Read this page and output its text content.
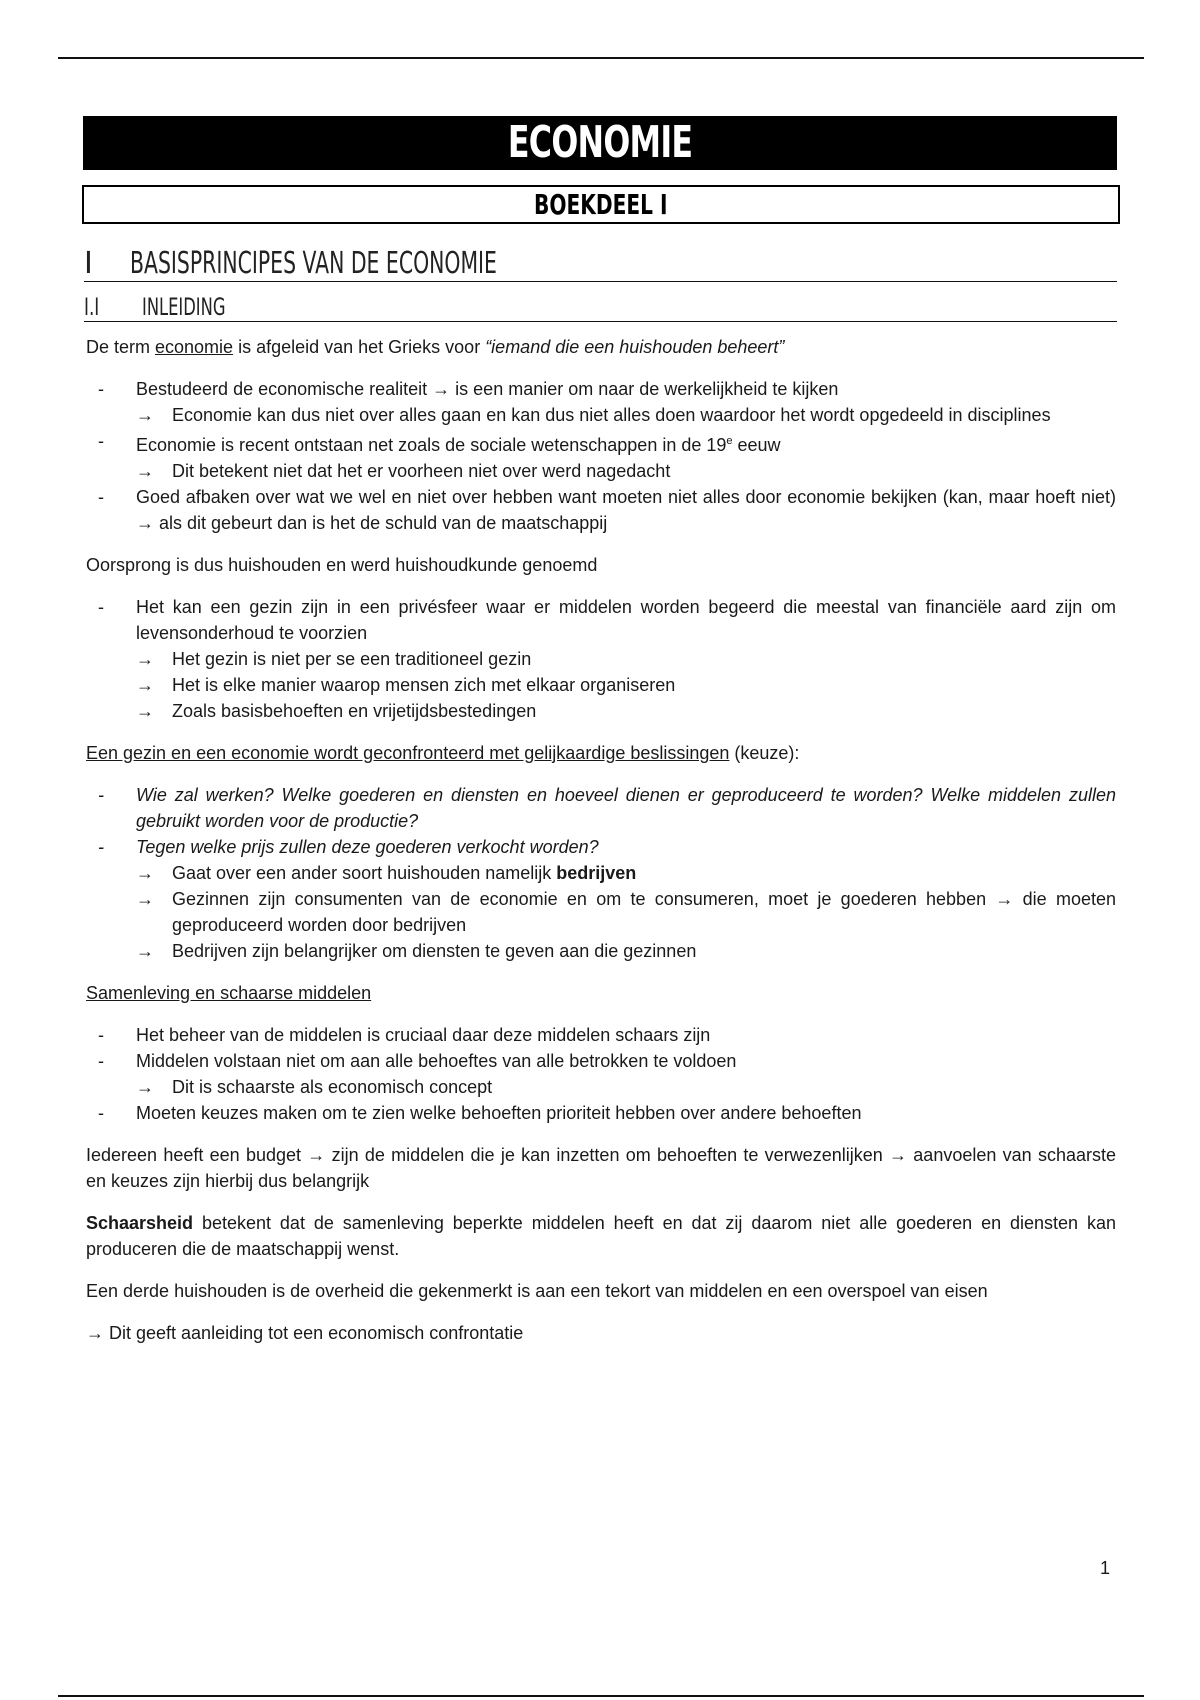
ECONOMIE
BOEKDEEL I
I BASISPRINCIPES VAN DE ECONOMIE
I.I INLEIDING

De term economie is afgeleid van het Grieks voor “iemand die een huishouden beheert”

- Bestudeerd de economische realiteit → is een manier om naar de werkelijkheid te kijken
→ Economie kan dus niet over alles gaan en kan dus niet alles doen waardoor het wordt opgedeeld in disciplines
- Economie is recent ontstaan net zoals de sociale wetenschappen in de 19e eeuw
→ Dit betekent niet dat het er voorheen niet over werd nagedacht
- Goed afbaken over wat we wel en niet over hebben want moeten niet alles door economie bekijken (kan, maar hoeft niet) → als dit gebeurt dan is het de schuld van de maatschappij

Oorsprong is dus huishouden en werd huishoudkunde genoemd

- Het kan een gezin zijn in een privésfeer waar er middelen worden begeerd die meestal van financiële aard zijn om levensonderhoud te voorzien
→ Het gezin is niet per se een traditioneel gezin
→ Het is elke manier waarop mensen zich met elkaar organiseren
→ Zoals basisbehoeften en vrijetijdsbestedingen

Een gezin en een economie wordt geconfronteerd met gelijkaardige beslissingen (keuze):

- Wie zal werken? Welke goederen en diensten en hoeveel dienen er geproduceerd te worden? Welke middelen zullen gebruikt worden voor de productie?
- Tegen welke prijs zullen deze goederen verkocht worden?
→ Gaat over een ander soort huishouden namelijk bedrijven
→ Gezinnen zijn consumenten van de economie en om te consumeren, moet je goederen hebben → die moeten geproduceerd worden door bedrijven
→ Bedrijven zijn belangrijker om diensten te geven aan die gezinnen

Samenleving en schaarse middelen

- Het beheer van de middelen is cruciaal daar deze middelen schaars zijn
- Middelen volstaan niet om aan alle behoeftes van alle betrokken te voldoen
→ Dit is schaarste als economisch concept
- Moeten keuzes maken om te zien welke behoeften prioriteit hebben over andere behoeften

Iedereen heeft een budget → zijn de middelen die je kan inzetten om behoeften te verwezenlijken → aanvoelen van schaarste en keuzes zijn hierbij dus belangrijk

Schaarsheid betekent dat de samenleving beperkte middelen heeft en dat zij daarom niet alle goederen en diensten kan produceren die de maatschappij wenst.

Een derde huishouden is de overheid die gekenmerkt is aan een tekort van middelen en een overspoel van eisen

→ Dit geeft aanleiding tot een economisch confrontatie

1
